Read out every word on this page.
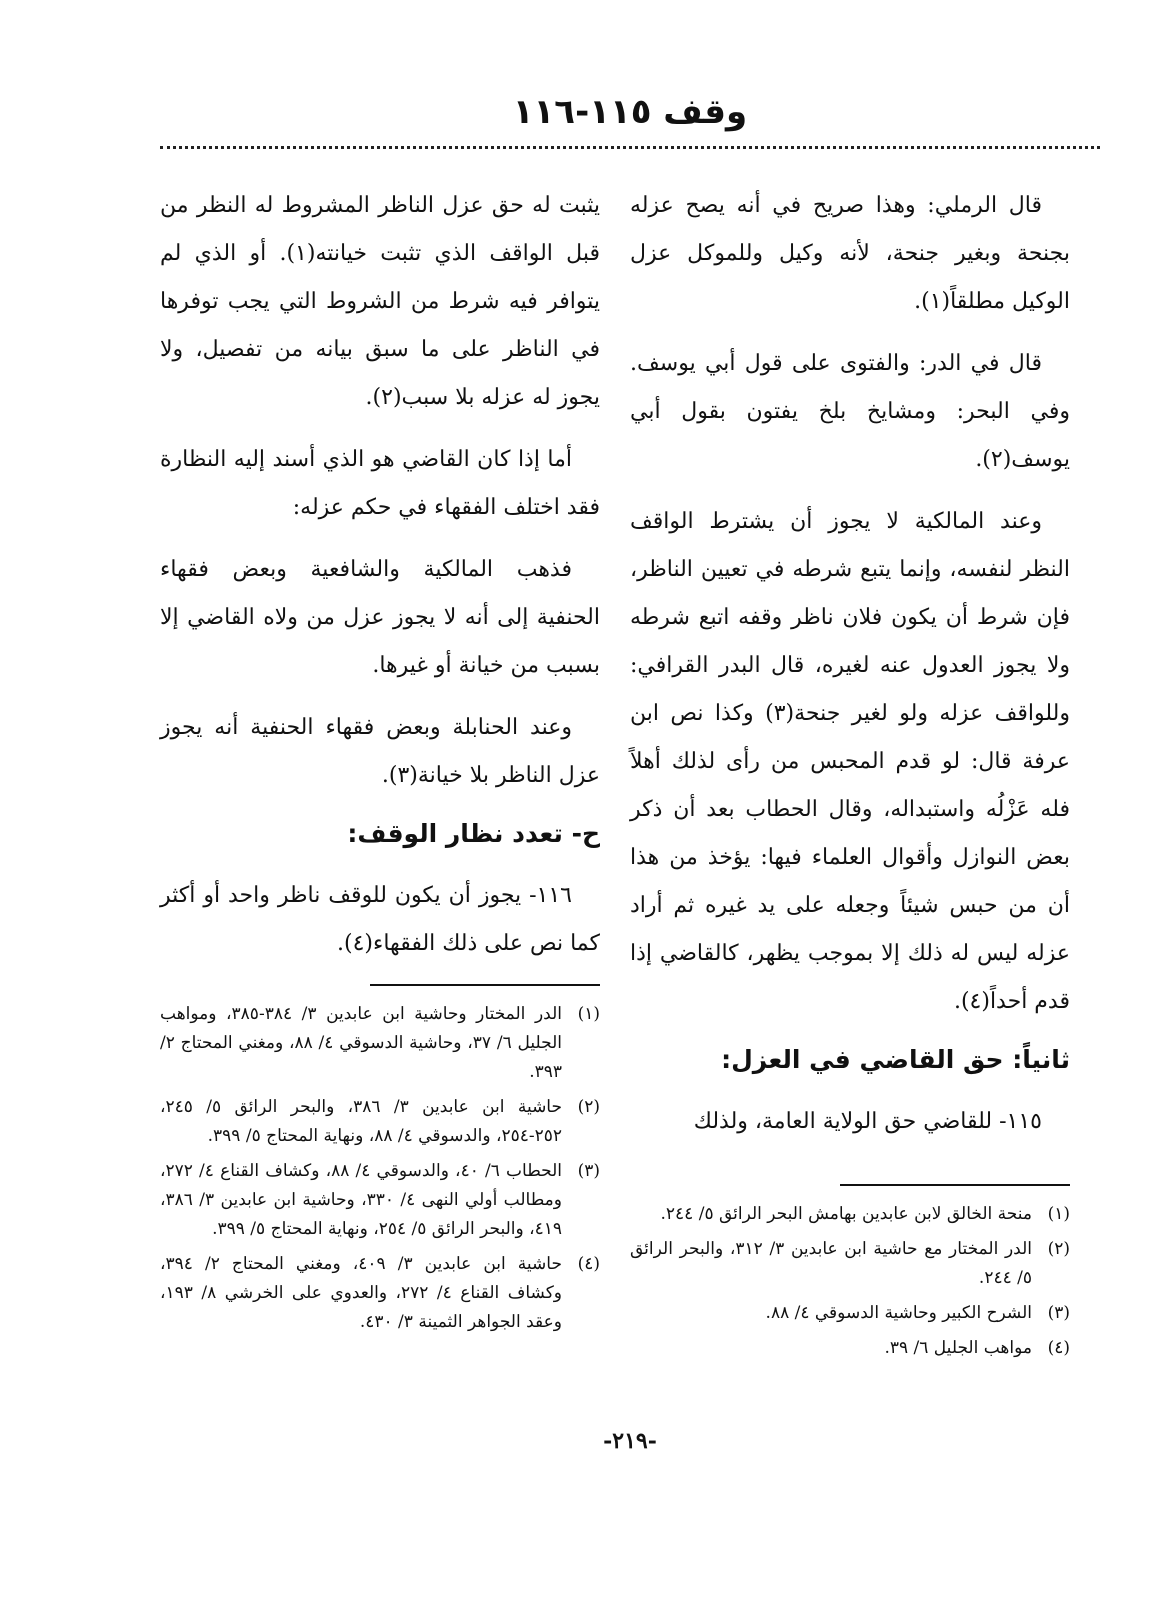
وقف ١١٥-١١٦

قال الرملي: وهذا صريح في أنه يصح عزله بجنحة وبغير جنحة، لأنه وكيل وللموكل عزل الوكيل مطلقاً(١).

قال في الدر: والفتوى على قول أبي يوسف. وفي البحر: ومشايخ بلخ يفتون بقول أبي يوسف(٢).

وعند المالكية لا يجوز أن يشترط الواقف النظر لنفسه، وإنما يتبع شرطه في تعيين الناظر، فإن شرط أن يكون فلان ناظر وقفه اتبع شرطه ولا يجوز العدول عنه لغيره، قال البدر القرافي: وللواقف عزله ولو لغير جنحة(٣) وكذا نص ابن عرفة قال: لو قدم المحبس من رأى لذلك أهلاً فله عَزْلُه واستبداله، وقال الحطاب بعد أن ذكر بعض النوازل وأقوال العلماء فيها: يؤخذ من هذا أن من حبس شيئاً وجعله على يد غيره ثم أراد عزله ليس له ذلك إلا بموجب يظهر، كالقاضي إذا قدم أحداً(٤).

ثانياً: حق القاضي في العزل:

١١٥- للقاضي حق الولاية العامة، ولذلك

(١)
منحة الخالق لابن عابدين بهامش البحر الرائق ٥/ ٢٤٤.
(٢)
الدر المختار مع حاشية ابن عابدين ٣/ ٣١٢، والبحر الرائق ٥/ ٢٤٤.
(٣)
الشرح الكبير وحاشية الدسوقي ٤/ ٨٨.
(٤)
مواهب الجليل ٦/ ٣٩.

يثبت له حق عزل الناظر المشروط له النظر من قبل الواقف الذي تثبت خيانته(١). أو الذي لم يتوافر فيه شرط من الشروط التي يجب توفرها في الناظر على ما سبق بيانه من تفصيل، ولا يجوز له عزله بلا سبب(٢).

أما إذا كان القاضي هو الذي أسند إليه النظارة فقد اختلف الفقهاء في حكم عزله:

فذهب المالكية والشافعية وبعض فقهاء الحنفية إلى أنه لا يجوز عزل من ولاه القاضي إلا بسبب من خيانة أو غيرها.

وعند الحنابلة وبعض فقهاء الحنفية أنه يجوز عزل الناظر بلا خيانة(٣).

ح- تعدد نظار الوقف:

١١٦- يجوز أن يكون للوقف ناظر واحد أو أكثر كما نص على ذلك الفقهاء(٤).

(١)
الدر المختار وحاشية ابن عابدين ٣/ ٣٨٤-٣٨٥، ومواهب الجليل ٦/ ٣٧، وحاشية الدسوقي ٤/ ٨٨، ومغني المحتاج ٢/ ٣٩٣.
(٢)
حاشية ابن عابدين ٣/ ٣٨٦، والبحر الرائق ٥/ ٢٤٥، ٢٥٢-٢٥٤، والدسوقي ٤/ ٨٨، ونهاية المحتاج ٥/ ٣٩٩.
(٣)
الحطاب ٦/ ٤٠، والدسوقي ٤/ ٨٨، وكشاف القناع ٤/ ٢٧٢، ومطالب أولي النهى ٤/ ٣٣٠، وحاشية ابن عابدين ٣/ ٣٨٦، ٤١٩، والبحر الرائق ٥/ ٢٥٤، ونهاية المحتاج ٥/ ٣٩٩.
(٤)
حاشية ابن عابدين ٣/ ٤٠٩، ومغني المحتاج ٢/ ٣٩٤، وكشاف القناع ٤/ ٢٧٢، والعدوي على الخرشي ٨/ ١٩٣، وعقد الجواهر الثمينة ٣/ ٤٣٠.
-٢١٩-
